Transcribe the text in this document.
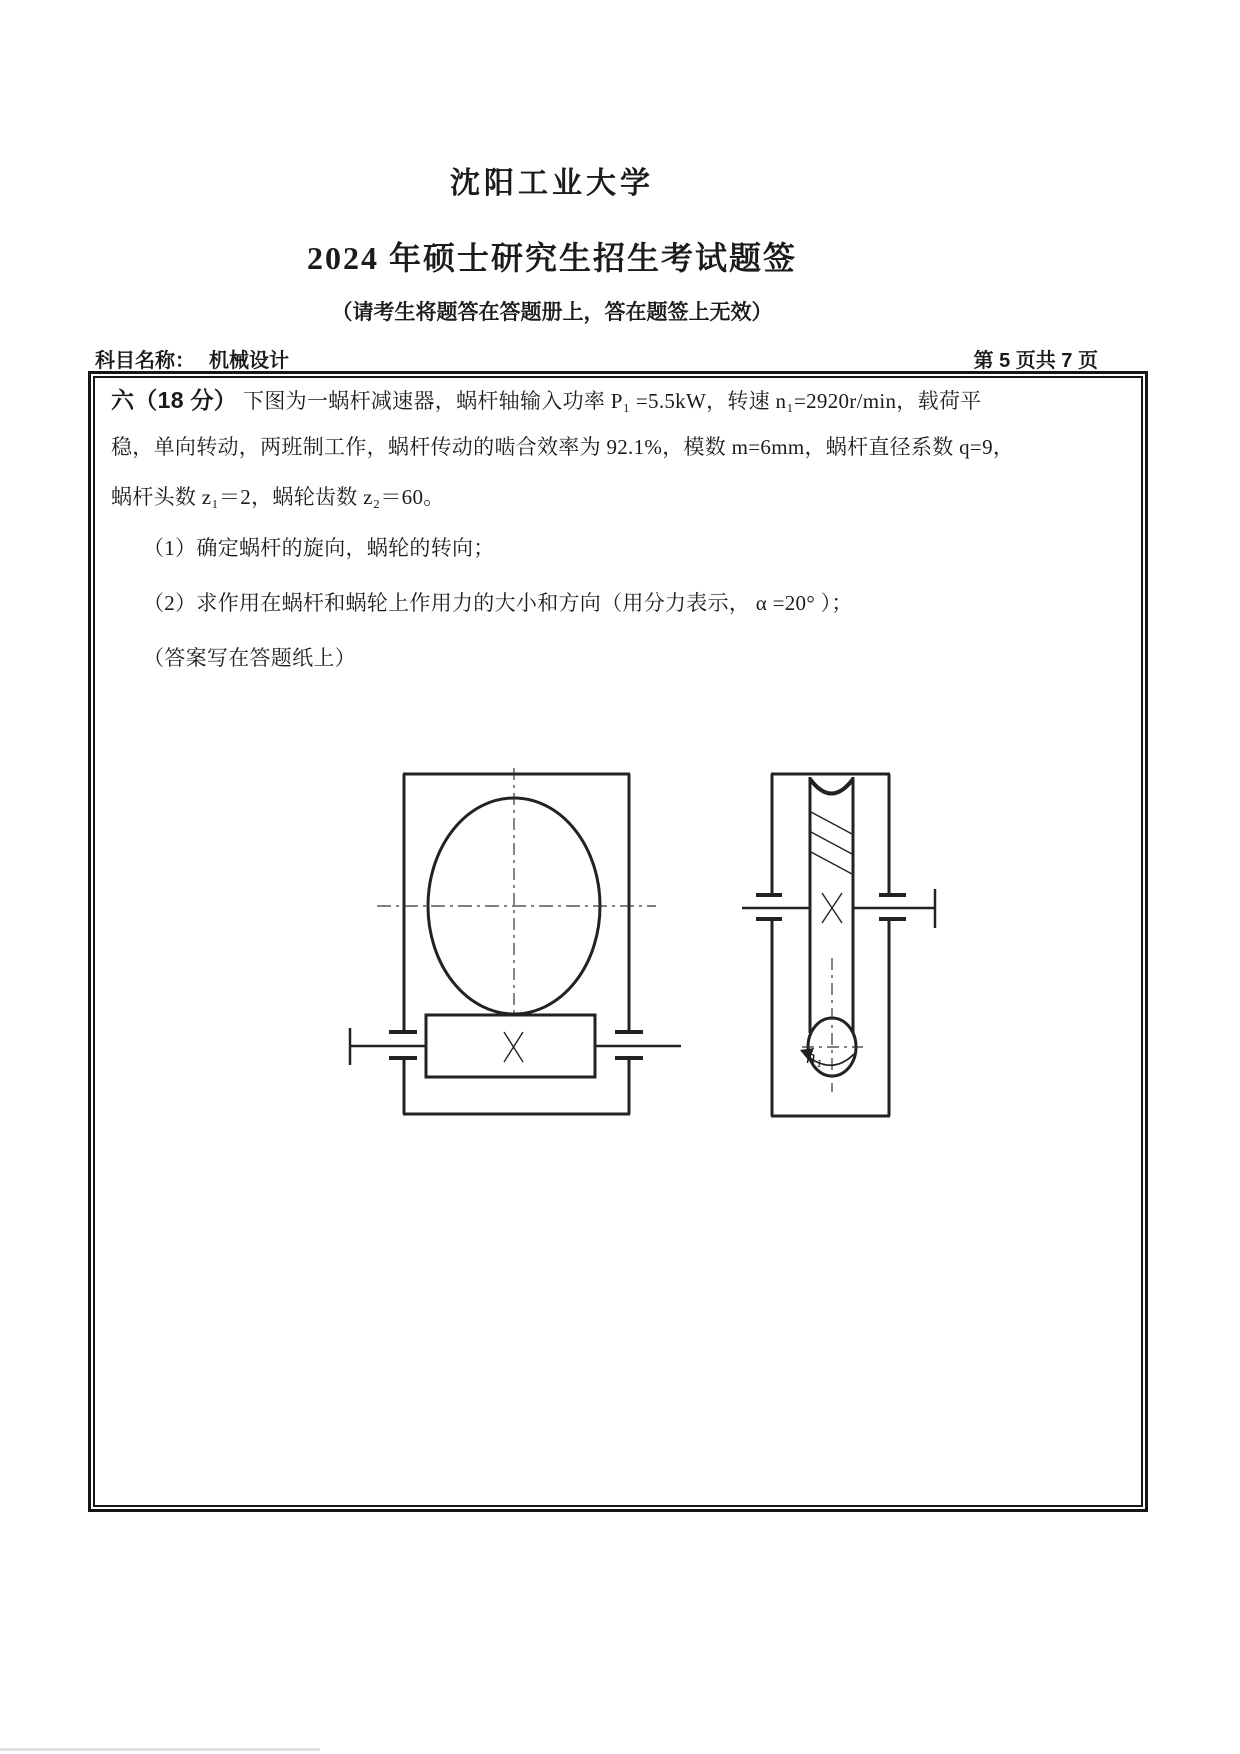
沈阳工业大学
2024 年硕士研究生招生考试题签
（请考生将题答在答题册上，答在题签上无效）
科目名称： 机械设计	第 5 页共 7 页
六（18 分） 下图为一蜗杆减速器，蜗杆轴输入功率 P₁ =5.5kW，转速 n₁=2920r/min，载荷平
稳，单向转动，两班制工作，蜗杆传动的啮合效率为 92.1%，模数 m=6mm，蜗杆直径系数 q=9，
蜗杆头数 z₁＝2，蜗轮齿数 z₂＝60。
（1）确定蜗杆的旋向，蜗轮的转向；
（2）求作用在蜗杆和蜗轮上作用力的大小和方向（用分力表示， α =20° ）；
（答案写在答题纸上）
n₁
